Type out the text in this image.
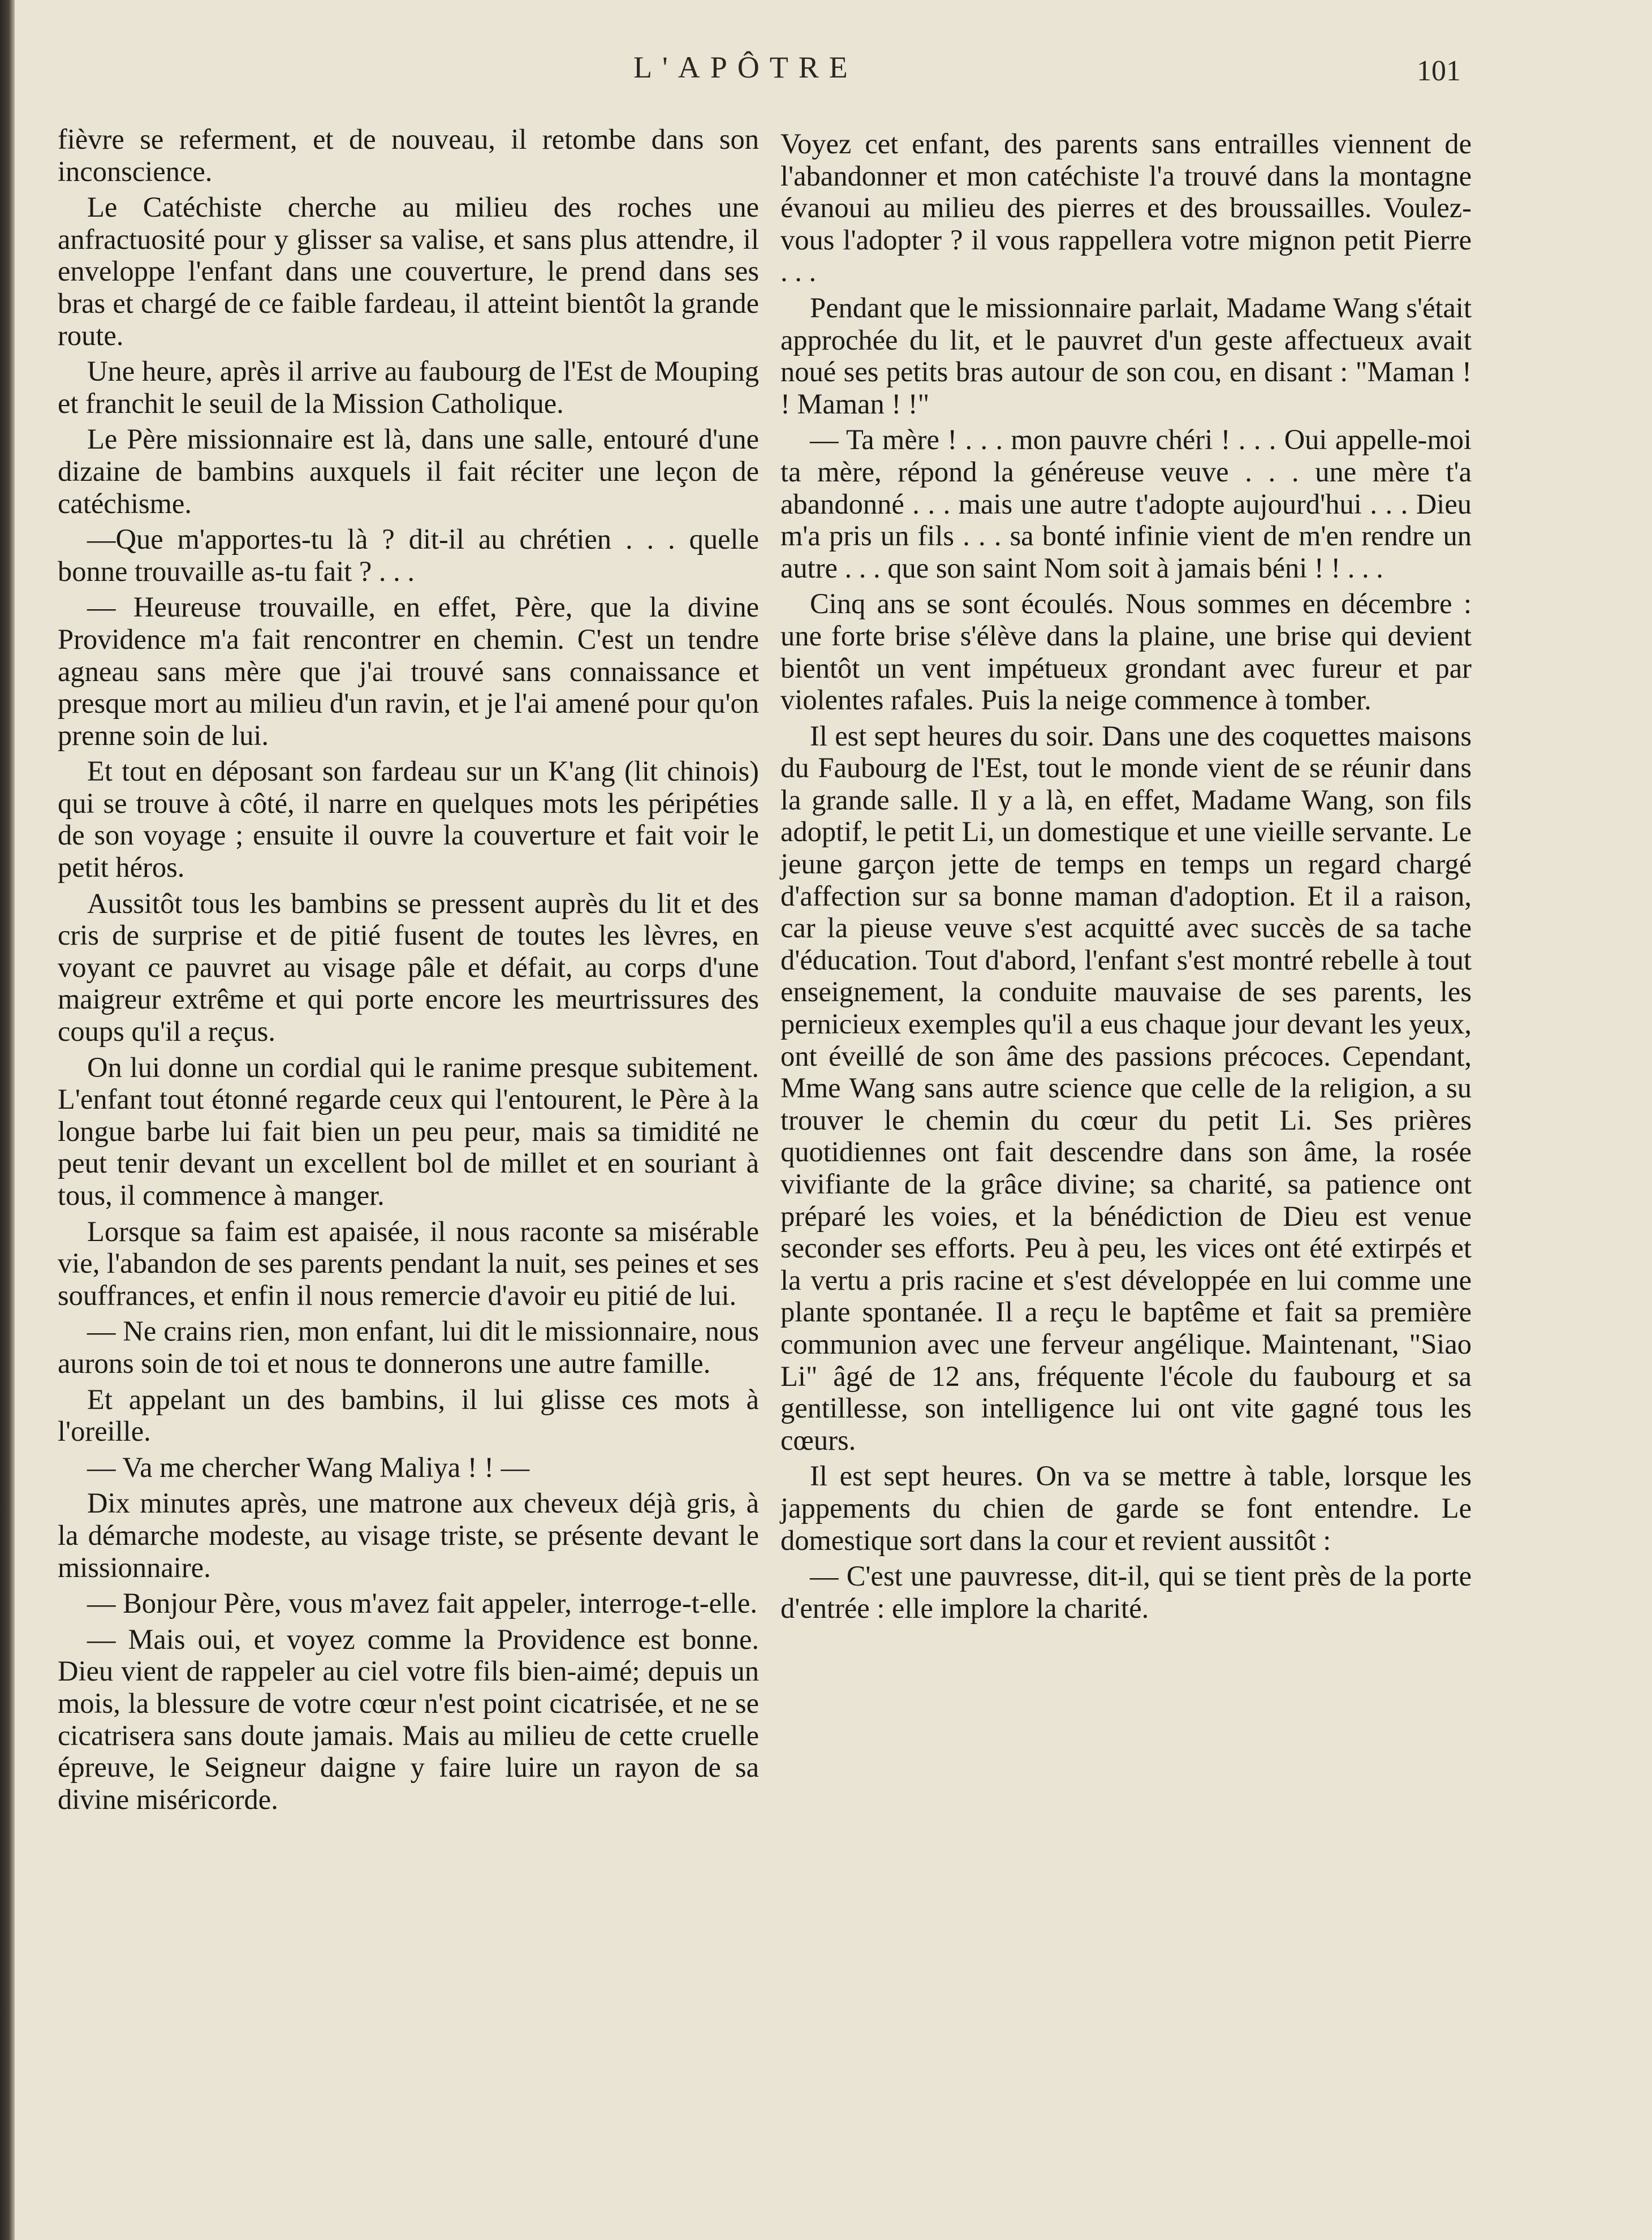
L'APÔTRE	101

fièvre se referment, et de nouveau, il retombe dans son inconscience.

Le Catéchiste cherche au milieu des roches une anfractuosité pour y glisser sa valise, et sans plus attendre, il enveloppe l'enfant dans une couverture, le prend dans ses bras et chargé de ce faible fardeau, il atteint bientôt la grande route.

Une heure, après il arrive au faubourg de l'Est de Mouping et franchit le seuil de la Mission Catholique.

Le Père missionnaire est là, dans une salle, entouré d'une dizaine de bambins auxquels il fait réciter une leçon de catéchisme.

—Que m'apportes-tu là ? dit-il au chrétien . . . quelle bonne trouvaille as-tu fait ? . . .

— Heureuse trouvaille, en effet, Père, que la divine Providence m'a fait rencontrer en chemin. C'est un tendre agneau sans mère que j'ai trouvé sans connaissance et presque mort au milieu d'un ravin, et je l'ai amené pour qu'on prenne soin de lui.

Et tout en déposant son fardeau sur un K'ang (lit chinois) qui se trouve à côté, il narre en quelques mots les péripéties de son voyage ; ensuite il ouvre la couverture et fait voir le petit héros.

Aussitôt tous les bambins se pressent auprès du lit et des cris de surprise et de pitié fusent de toutes les lèvres, en voyant ce pauvret au visage pâle et défait, au corps d'une maigreur extrême et qui porte encore les meurtrissures des coups qu'il a reçus.

On lui donne un cordial qui le ranime presque subitement. L'enfant tout étonné regarde ceux qui l'entourent, le Père à la longue barbe lui fait bien un peu peur, mais sa timidité ne peut tenir devant un excellent bol de millet et en souriant à tous, il commence à manger.

Lorsque sa faim est apaisée, il nous raconte sa misérable vie, l'abandon de ses parents pendant la nuit, ses peines et ses souffrances, et enfin il nous remercie d'avoir eu pitié de lui.

— Ne crains rien, mon enfant, lui dit le missionnaire, nous aurons soin de toi et nous te donnerons une autre famille.

Et appelant un des bambins, il lui glisse ces mots à l'oreille.

— Va me chercher Wang Maliya ! ! —

Dix minutes après, une matrone aux cheveux déjà gris, à la démarche modeste, au visage triste, se présente devant le missionnaire.

— Bonjour Père, vous m'avez fait appeler, interroge-t-elle.

— Mais oui, et voyez comme la Providence est bonne. Dieu vient de rappeler au ciel votre fils bien-aimé; depuis un mois, la blessure de votre cœur n'est point cicatrisée, et ne se cicatrisera sans doute jamais. Mais au milieu de cette cruelle épreuve, le Seigneur daigne y faire luire un rayon de sa divine miséricorde.

Voyez cet enfant, des parents sans entrailles viennent de l'abandonner et mon catéchiste l'a trouvé dans la montagne évanoui au milieu des pierres et des broussailles. Voulez-vous l'adopter ? il vous rappellera votre mignon petit Pierre . . .

Pendant que le missionnaire parlait, Madame Wang s'était approchée du lit, et le pauvret d'un geste affectueux avait noué ses petits bras autour de son cou, en disant : "Maman ! ! Maman ! !"

— Ta mère ! . . . mon pauvre chéri ! . . . Oui appelle-moi ta mère, répond la généreuse veuve . . . une mère t'a abandonné . . . mais une autre t'adopte aujourd'hui . . . Dieu m'a pris un fils . . . sa bonté infinie vient de m'en rendre un autre . . . que son saint Nom soit à jamais béni ! ! . . .

Cinq ans se sont écoulés. Nous sommes en décembre : une forte brise s'élève dans la plaine, une brise qui devient bientôt un vent impétueux grondant avec fureur et par violentes rafales. Puis la neige commence à tomber.

Il est sept heures du soir. Dans une des coquettes maisons du Faubourg de l'Est, tout le monde vient de se réunir dans la grande salle. Il y a là, en effet, Madame Wang, son fils adoptif, le petit Li, un domestique et une vieille servante. Le jeune garçon jette de temps en temps un regard chargé d'affection sur sa bonne maman d'adoption. Et il a raison, car la pieuse veuve s'est acquitté avec succès de sa tache d'éducation. Tout d'abord, l'enfant s'est montré rebelle à tout enseignement, la conduite mauvaise de ses parents, les pernicieux exemples qu'il a eus chaque jour devant les yeux, ont éveillé de son âme des passions précoces. Cependant, Mme Wang sans autre science que celle de la religion, a su trouver le chemin du cœur du petit Li. Ses prières quotidiennes ont fait descendre dans son âme, la rosée vivifiante de la grâce divine; sa charité, sa patience ont préparé les voies, et la bénédiction de Dieu est venue seconder ses efforts. Peu à peu, les vices ont été extirpés et la vertu a pris racine et s'est développée en lui comme une plante spontanée. Il a reçu le baptême et fait sa première communion avec une ferveur angélique. Maintenant, "Siao Li" âgé de 12 ans, fréquente l'école du faubourg et sa gentillesse, son intelligence lui ont vite gagné tous les cœurs.

Il est sept heures. On va se mettre à table, lorsque les jappements du chien de garde se font entendre. Le domestique sort dans la cour et revient aussitôt :

— C'est une pauvresse, dit-il, qui se tient près de la porte d'entrée : elle implore la charité.
